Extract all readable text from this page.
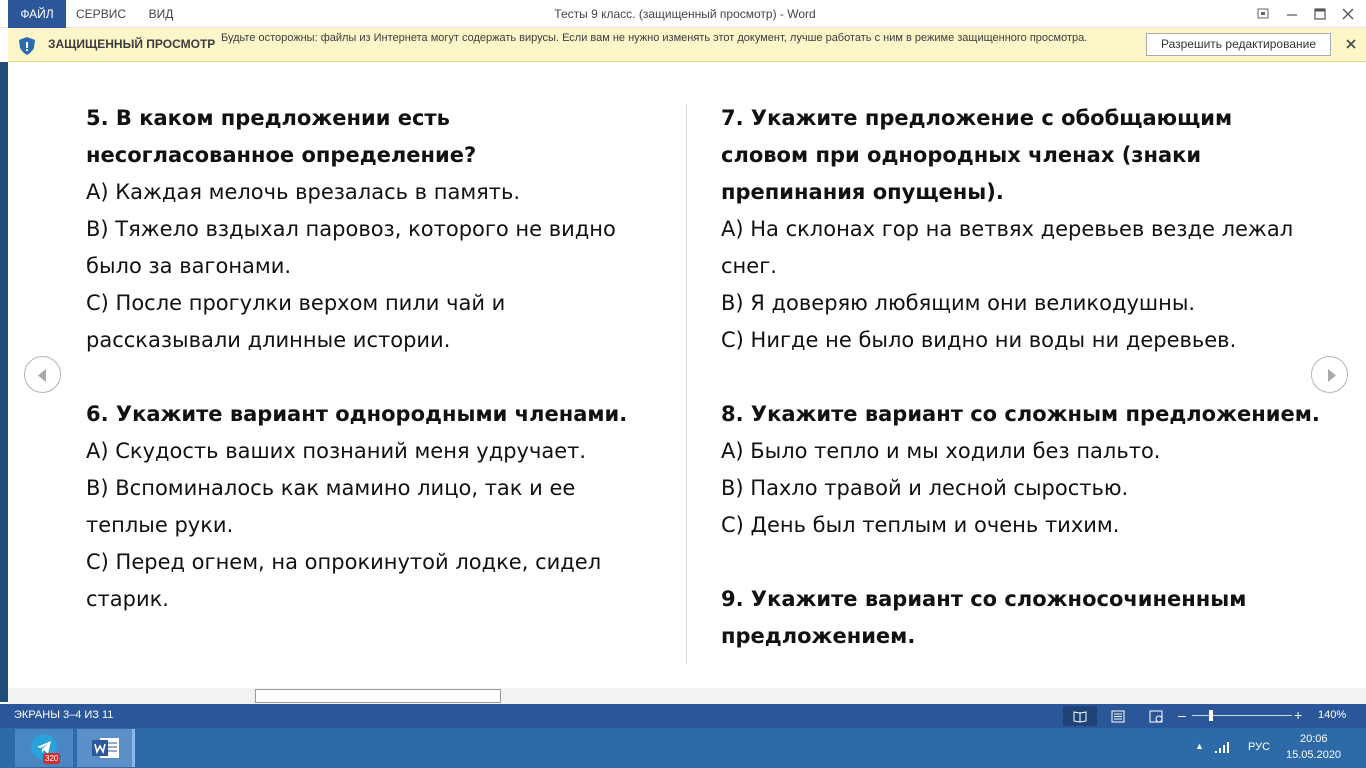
ФАЙЛ	СЕРВИС	ВИД	Тесты 9 класс. (защищенный просмотр) - Word
ЗАЩИЩЕННЫЙ ПРОСМОТР Будьте осторожны: файлы из Интернета могут содержать вирусы. Если вам не нужно изменять этот документ, лучше работать с ним в режиме защищенного просмотра.	Разрешить редактирование
5. В каком предложении есть несогласованное определение?
А) Каждая мелочь врезалась в память.
В) Тяжело вздыхал паровоз, которого не видно было за вагонами.
С) После прогулки верхом пили чай и рассказывали длинные истории.
6. Укажите вариант однородными членами.
А) Скудость ваших познаний меня удручает.
В) Вспоминалось как мамино лицо, так и ее теплые руки.
С) Перед огнем, на опрокинутой лодке, сидел старик.
7. Укажите предложение с обобщающим словом при однородных членах (знаки препинания опущены).
А) На склонах гор на ветвях деревьев везде лежал снег.
В) Я доверяю любящим они великодушны.
С) Нигде не было видно ни воды ни деревьев.
8. Укажите вариант со сложным предложением.
А) Было тепло и мы ходили без пальто.
В) Пахло травой и лесной сыростью.
С) День был теплым и очень тихим.
9. Укажите вариант со сложносочиненным предложением.
ЭКРАНЫ 3–4 ИЗ 11	–	+ 140%
320
▲	РУС
20:06
15.05.2020
